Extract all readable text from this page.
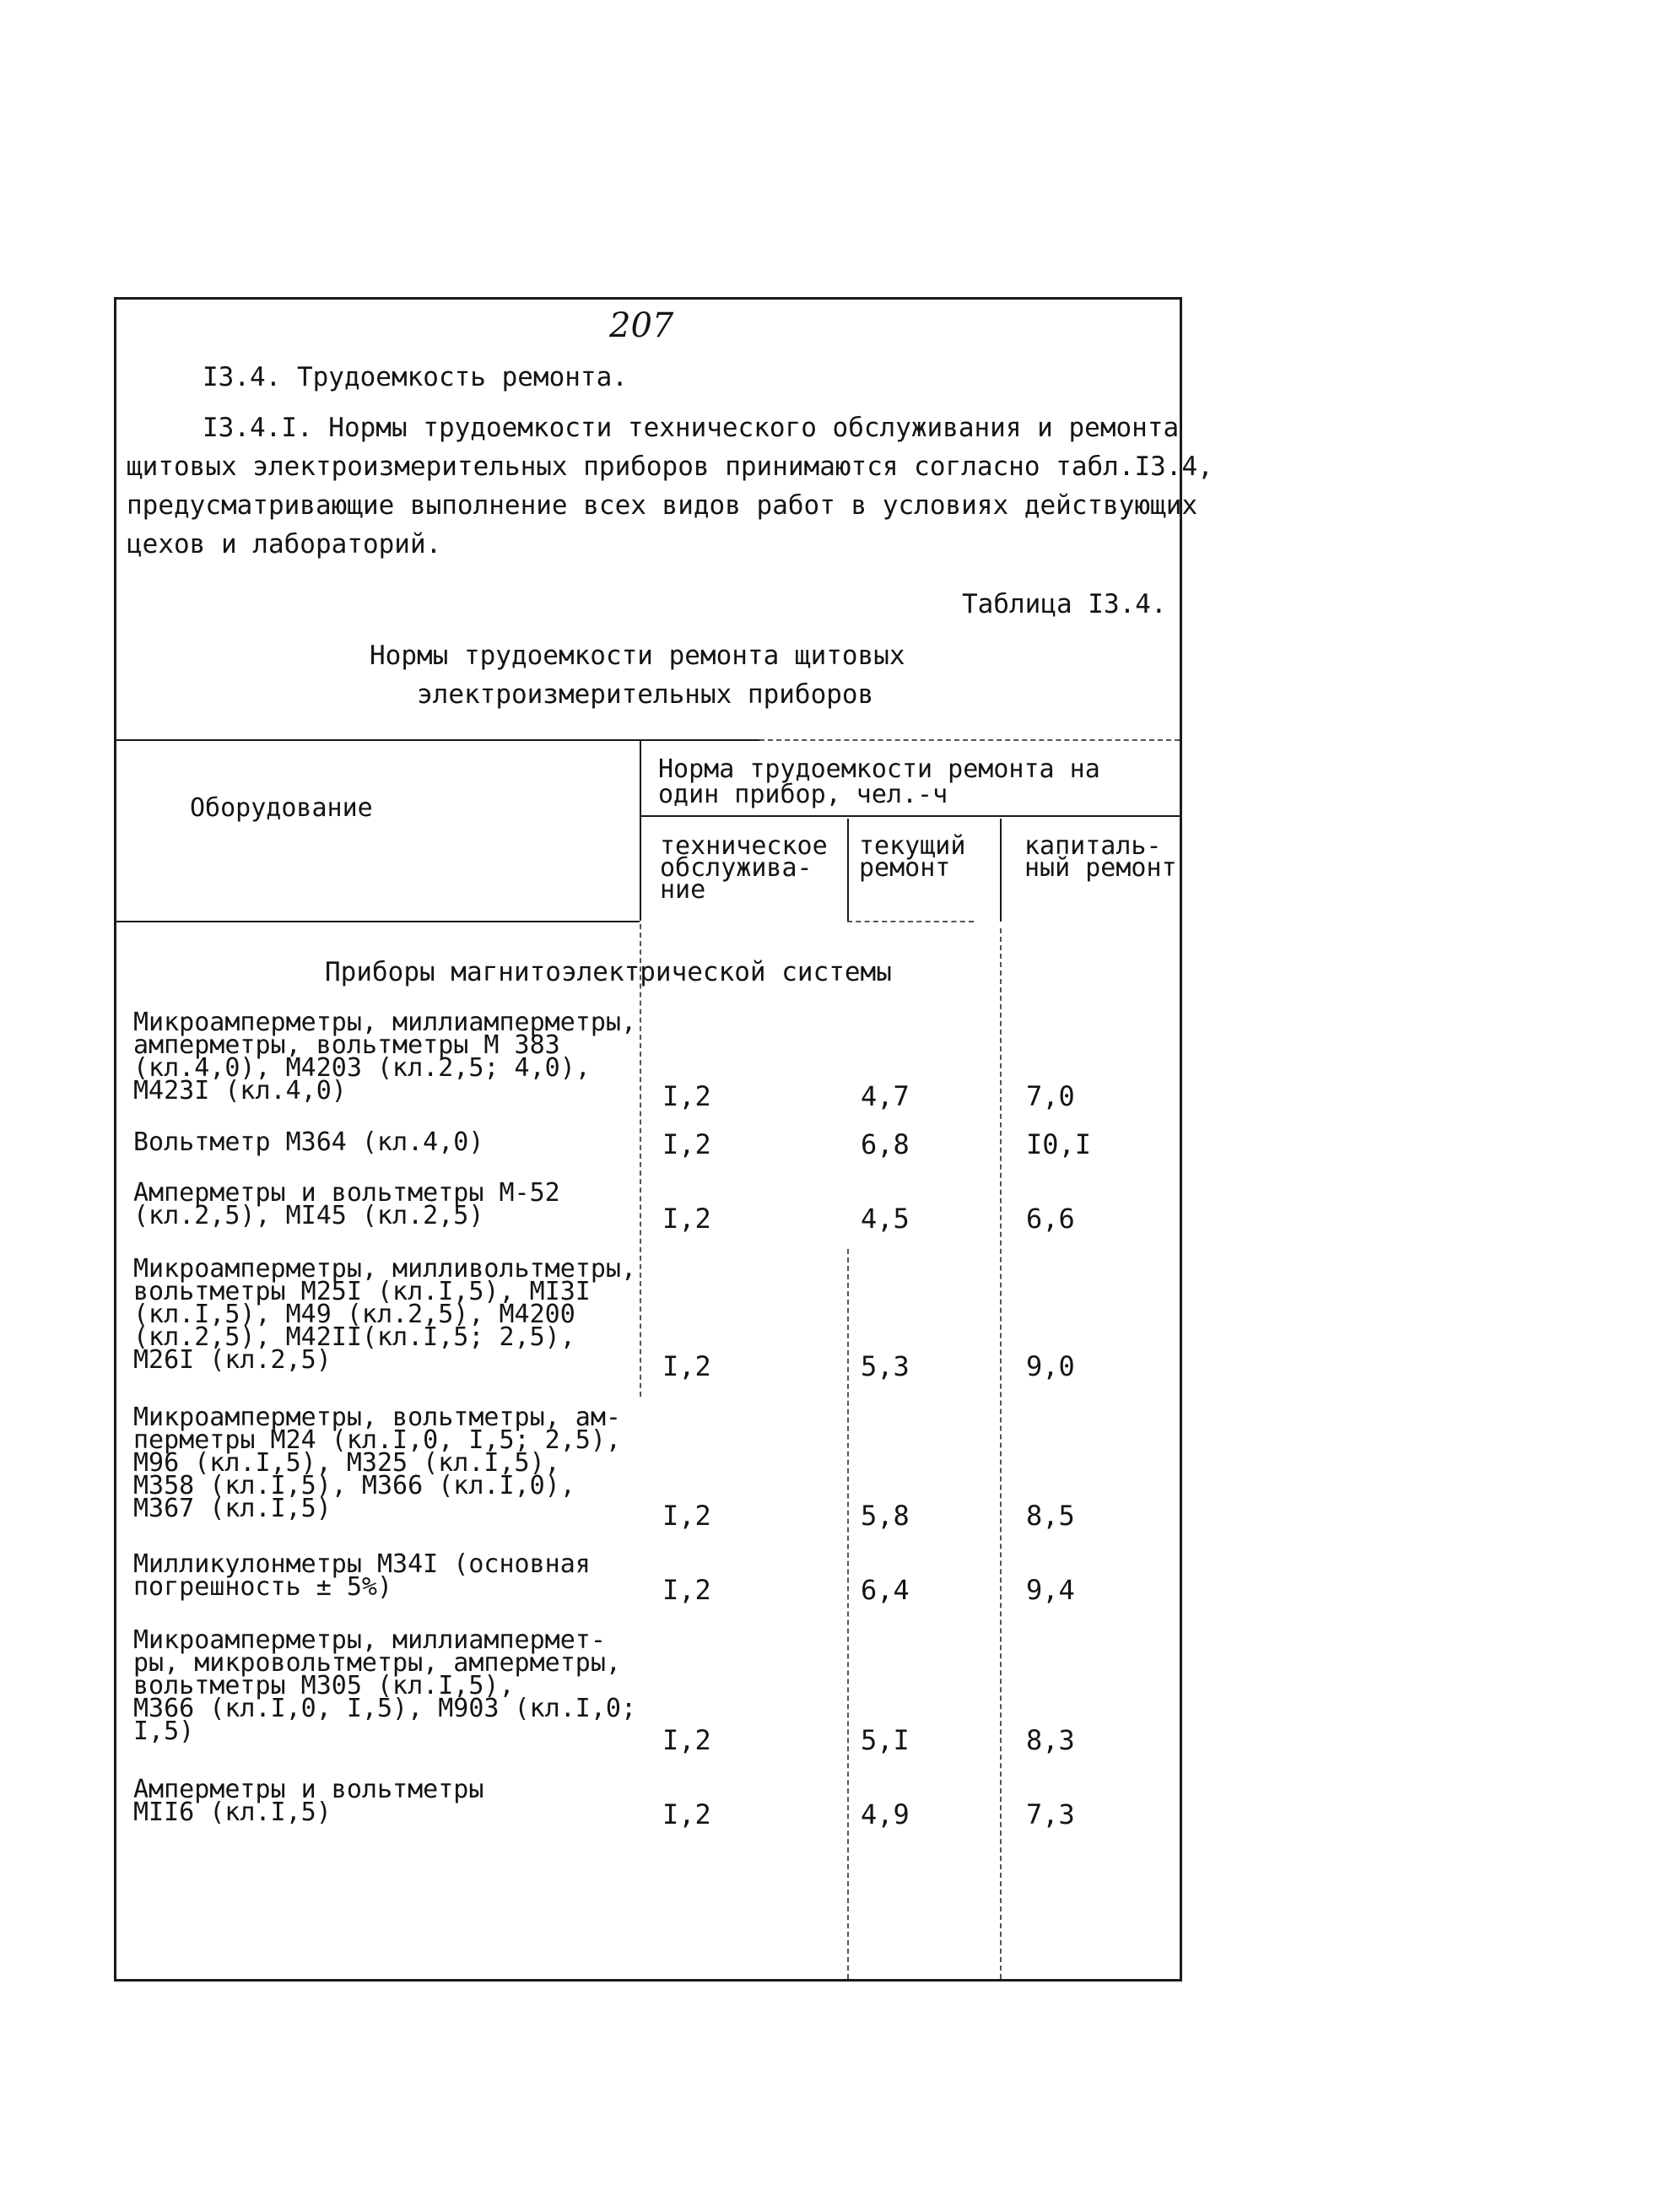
207
I3.4. Трудоемкость ремонта.
I3.4.I. Нормы трудоемкости технического обслуживания и ремонта
щитовых электроизмерительных приборов принимаются согласно табл.I3.4,
предусматривающие выполнение всех видов работ в условиях действующих
цехов и лабораторий.
Таблица I3.4.
Нормы трудоемкости ремонта щитовых
электроизмерительных приборов
Оборудование
Норма трудоемкости ремонта на
один прибор, чел.-ч
техническое
обслужива-
ние
текущий
ремонт
капиталь-
ный ремонт
Приборы магнитоэлектрической системы
Микроамперметры, миллиамперметры,
амперметры, вольтметры М 383
(кл.4,0), М4203 (кл.2,5; 4,0),
М423I (кл.4,0)	I,2	4,7	7,0
Вольтметр М364 (кл.4,0)	I,2	6,8	I0,I
Амперметры и вольтметры М-52
(кл.2,5), МI45 (кл.2,5)	I,2	4,5	6,6
Микроамперметры, милливольтметры,
вольтметры М25I (кл.I,5), МI3I
(кл.I,5), М49 (кл.2,5), М4200
(кл.2,5), М42II(кл.I,5; 2,5),
М26I (кл.2,5)	I,2	5,3	9,0
Микроамперметры, вольтметры, ам-
перметры М24 (кл.I,0, I,5; 2,5),
М96 (кл.I,5), М325 (кл.I,5),
М358 (кл.I,5), М366 (кл.I,0),
М367 (кл.I,5)	I,2	5,8	8,5
Милликулонметры М34I (основная
погрешность ± 5%)	I,2	6,4	9,4
Микроамперметры, миллиампермет-
ры, микровольтметры, амперметры,
вольтметры М305 (кл.I,5),
М366 (кл.I,0, I,5), М903 (кл.I,0;
I,5)	I,2	5,I	8,3
Амперметры и вольтметры
МII6 (кл.I,5)	I,2	4,9	7,3
